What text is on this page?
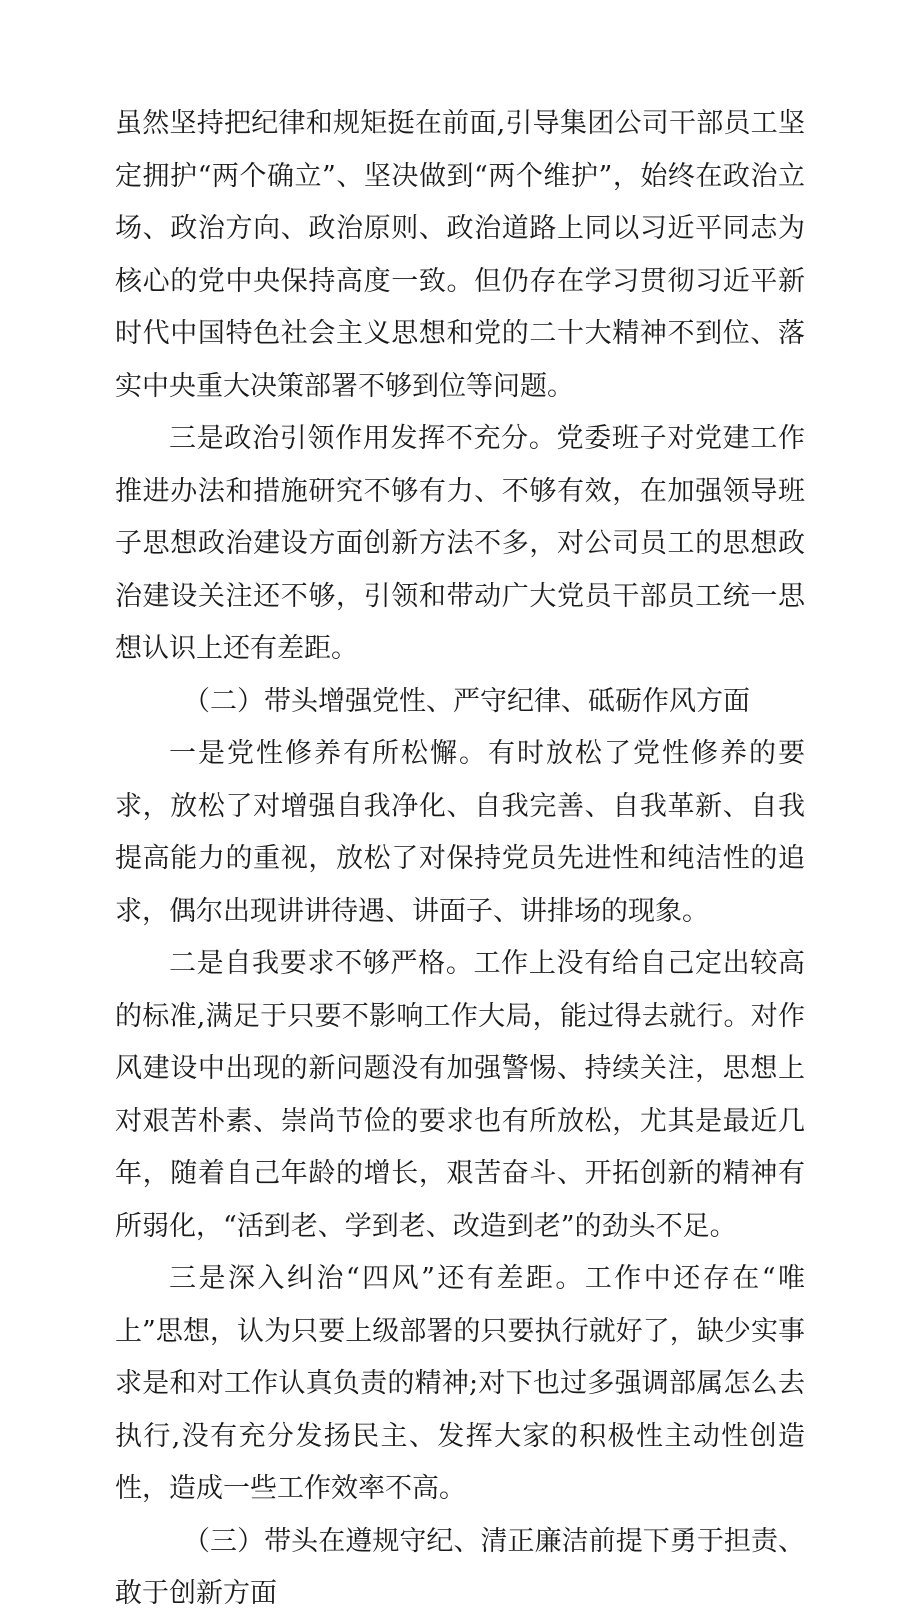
虽然坚持把纪律和规矩挺在前面,引导集团公司干部员工坚定拥护“两个确立”、坚决做到“两个维护”，始终在政治立场、政治方向、政治原则、政治道路上同以习近平同志为核心的党中央保持高度一致。但仍存在学习贯彻习近平新时代中国特色社会主义思想和党的二十大精神不到位、落实中央重大决策部署不够到位等问题。

三是政治引领作用发挥不充分。党委班子对党建工作推进办法和措施研究不够有力、不够有效，在加强领导班子思想政治建设方面创新方法不多，对公司员工的思想政治建设关注还不够，引领和带动广大党员干部员工统一思想认识上还有差距。

（二）带头增强党性、严守纪律、砥砺作风方面

一是党性修养有所松懈。有时放松了党性修养的要求，放松了对增强自我净化、自我完善、自我革新、自我提高能力的重视，放松了对保持党员先进性和纯洁性的追求，偶尔出现讲讲待遇、讲面子、讲排场的现象。

二是自我要求不够严格。工作上没有给自己定出较高的标准,满足于只要不影响工作大局，能过得去就行。对作风建设中出现的新问题没有加强警惕、持续关注，思想上对艰苦朴素、崇尚节俭的要求也有所放松，尤其是最近几年，随着自己年龄的增长，艰苦奋斗、开拓创新的精神有所弱化，“活到老、学到老、改造到老”的劲头不足。

三是深入纠治“四风”还有差距。工作中还存在“唯上”思想，认为只要上级部署的只要执行就好了，缺少实事求是和对工作认真负责的精神;对下也过多强调部属怎么去执行,没有充分发扬民主、发挥大家的积极性主动性创造性，造成一些工作效率不高。

（三）带头在遵规守纪、清正廉洁前提下勇于担责、敢于创新方面
